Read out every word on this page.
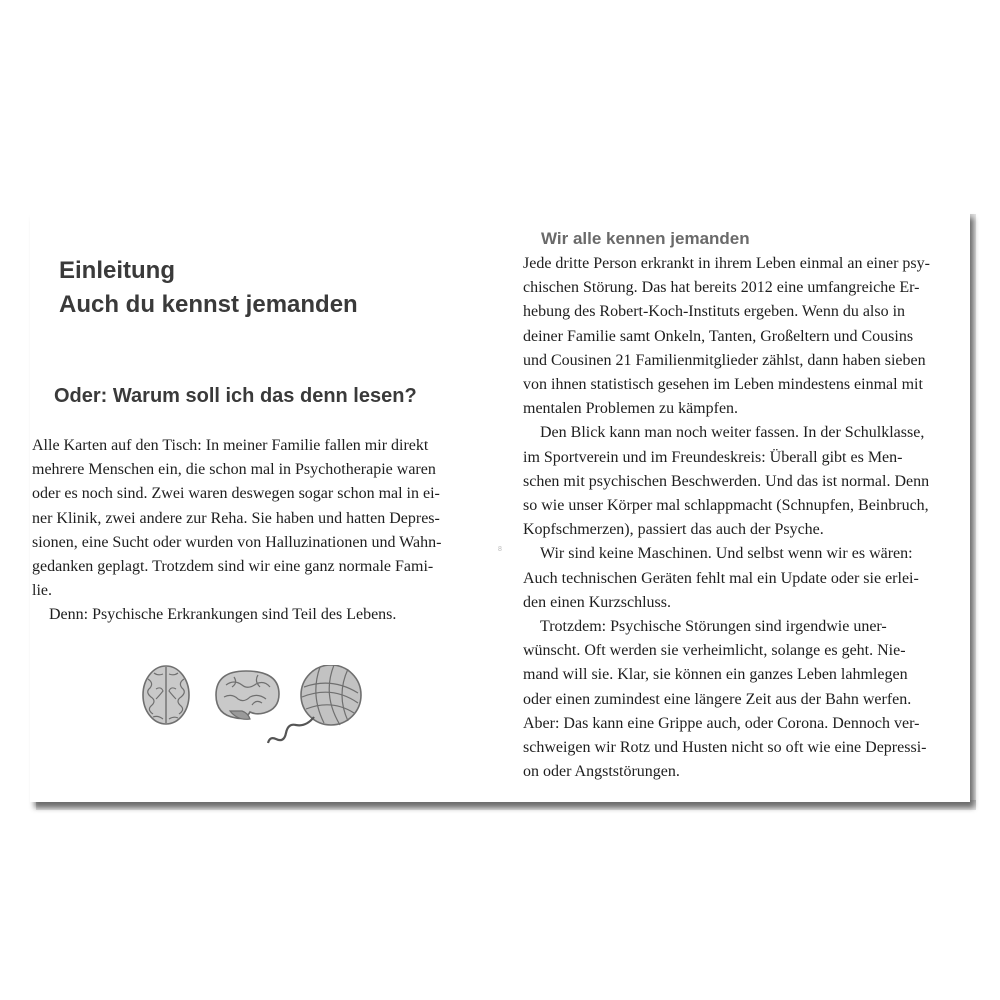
Einleitung
Auch du kennst jemanden
Oder: Warum soll ich das denn lesen?
Alle Karten auf den Tisch: In meiner Familie fallen mir direkt
mehrere Menschen ein, die schon mal in Psychotherapie waren
oder es noch sind. Zwei waren deswegen sogar schon mal in ei-
ner Klinik, zwei andere zur Reha. Sie haben und hatten Depres-
sionen, eine Sucht oder wurden von Halluzinationen und Wahn-
gedanken geplagt. Trotzdem sind wir eine ganz normale Fami-
lie.
Denn: Psychische Erkrankungen sind Teil des Lebens.
8
Wir alle kennen jemanden
Jede dritte Person erkrankt in ihrem Leben einmal an einer psy-
chischen Störung. Das hat bereits 2012 eine umfangreiche Er-
hebung des Robert-Koch-Instituts ergeben. Wenn du also in
deiner Familie samt Onkeln, Tanten, Großeltern und Cousins
und Cousinen 21 Familienmitglieder zählst, dann haben sieben
von ihnen statistisch gesehen im Leben mindestens einmal mit
mentalen Problemen zu kämpfen.
Den Blick kann man noch weiter fassen. In der Schulklasse,
im Sportverein und im Freundeskreis: Überall gibt es Men-
schen mit psychischen Beschwerden. Und das ist normal. Denn
so wie unser Körper mal schlappmacht (Schnupfen, Beinbruch,
Kopfschmerzen), passiert das auch der Psyche.
Wir sind keine Maschinen. Und selbst wenn wir es wären:
Auch technischen Geräten fehlt mal ein Update oder sie erlei-
den einen Kurzschluss.
Trotzdem: Psychische Störungen sind irgendwie uner-
wünscht. Oft werden sie verheimlicht, solange es geht. Nie-
mand will sie. Klar, sie können ein ganzes Leben lahmlegen
oder einen zumindest eine längere Zeit aus der Bahn werfen.
Aber: Das kann eine Grippe auch, oder Corona. Dennoch ver-
schweigen wir Rotz und Husten nicht so oft wie eine Depressi-
on oder Angststörungen.
